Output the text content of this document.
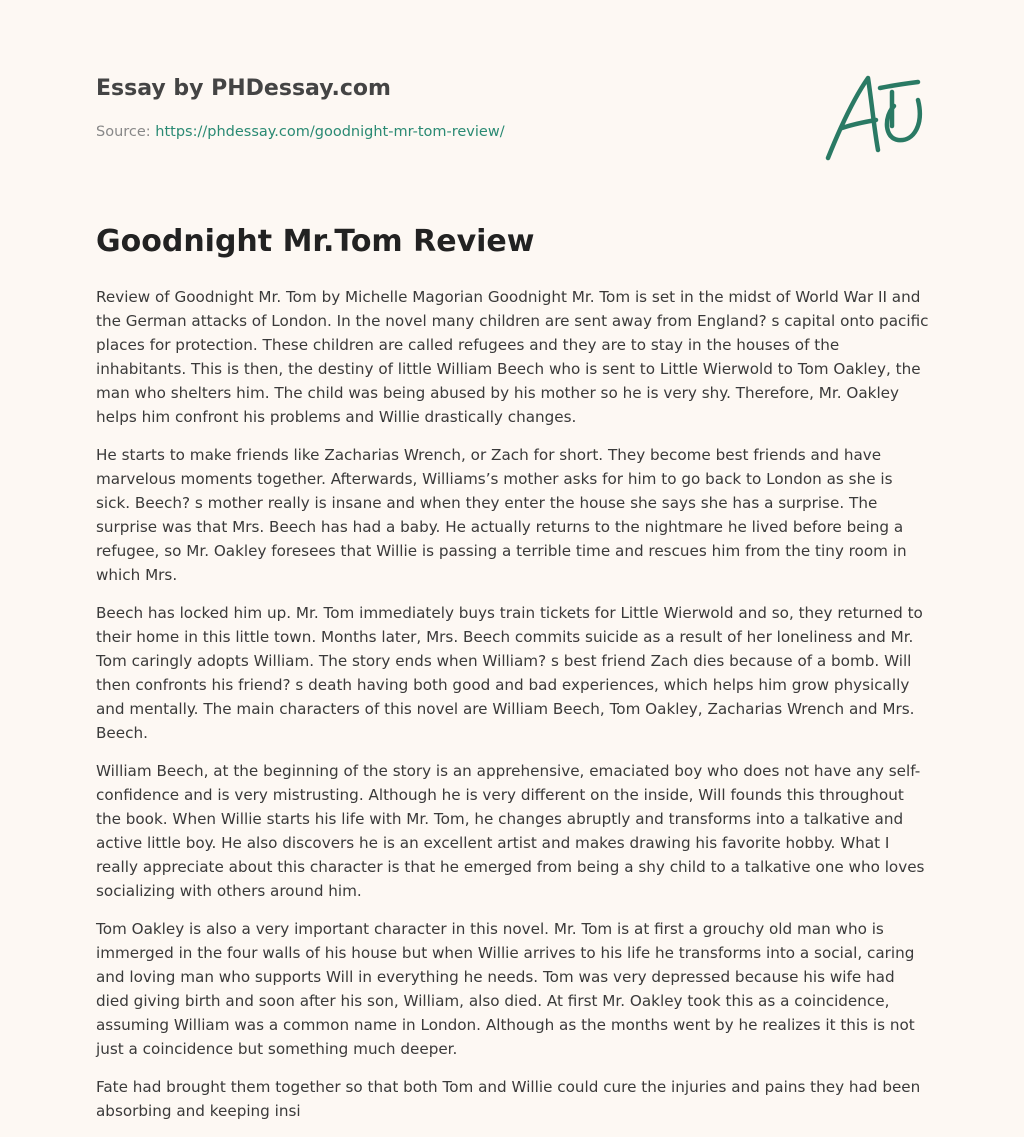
Essay by PHDessay.com

Source: https://phdessay.com/goodnight-mr-tom-review/
Goodnight Mr.Tom Review

Review of Goodnight Mr. Tom by Michelle Magorian Goodnight Mr. Tom is set in the midst of World War II and the German attacks of London. In the novel many children are sent away from England? s capital onto pacific places for protection. These children are called refugees and they are to stay in the houses of the inhabitants. This is then, the destiny of little William Beech who is sent to Little Wierwold to Tom Oakley, the man who shelters him. The child was being abused by his mother so he is very shy. Therefore, Mr. Oakley helps him confront his problems and Willie drastically changes.

He starts to make friends like Zacharias Wrench, or Zach for short. They become best friends and have marvelous moments together. Afterwards, Williams’s mother asks for him to go back to London as she is sick. Beech? s mother really is insane and when they enter the house she says she has a surprise. The surprise was that Mrs. Beech has had a baby. He actually returns to the nightmare he lived before being a refugee, so Mr. Oakley foresees that Willie is passing a terrible time and rescues him from the tiny room in which Mrs.

Beech has locked him up. Mr. Tom immediately buys train tickets for Little Wierwold and so, they returned to their home in this little town. Months later, Mrs. Beech commits suicide as a result of her loneliness and Mr. Tom caringly adopts William. The story ends when William? s best friend Zach dies because of a bomb. Will then confronts his friend? s death having both good and bad experiences, which helps him grow physically and mentally. The main characters of this novel are William Beech, Tom Oakley, Zacharias Wrench and Mrs. Beech.

William Beech, at the beginning of the story is an apprehensive, emaciated boy who does not have any self-confidence and is very mistrusting. Although he is very different on the inside, Will founds this throughout the book. When Willie starts his life with Mr. Tom, he changes abruptly and transforms into a talkative and active little boy. He also discovers he is an excellent artist and makes drawing his favorite hobby. What I really appreciate about this character is that he emerged from being a shy child to a talkative one who loves socializing with others around him.

Tom Oakley is also a very important character in this novel. Mr. Tom is at first a grouchy old man who is immerged in the four walls of his house but when Willie arrives to his life he transforms into a social, caring and loving man who supports Will in everything he needs. Tom was very depressed because his wife had died giving birth and soon after his son, William, also died. At first Mr. Oakley took this as a coincidence, assuming William was a common name in London. Although as the months went by he realizes it this is not just a coincidence but something much deeper.

Fate had brought them together so that both Tom and Willie could cure the injuries and pains they had been absorbing and keeping insi
